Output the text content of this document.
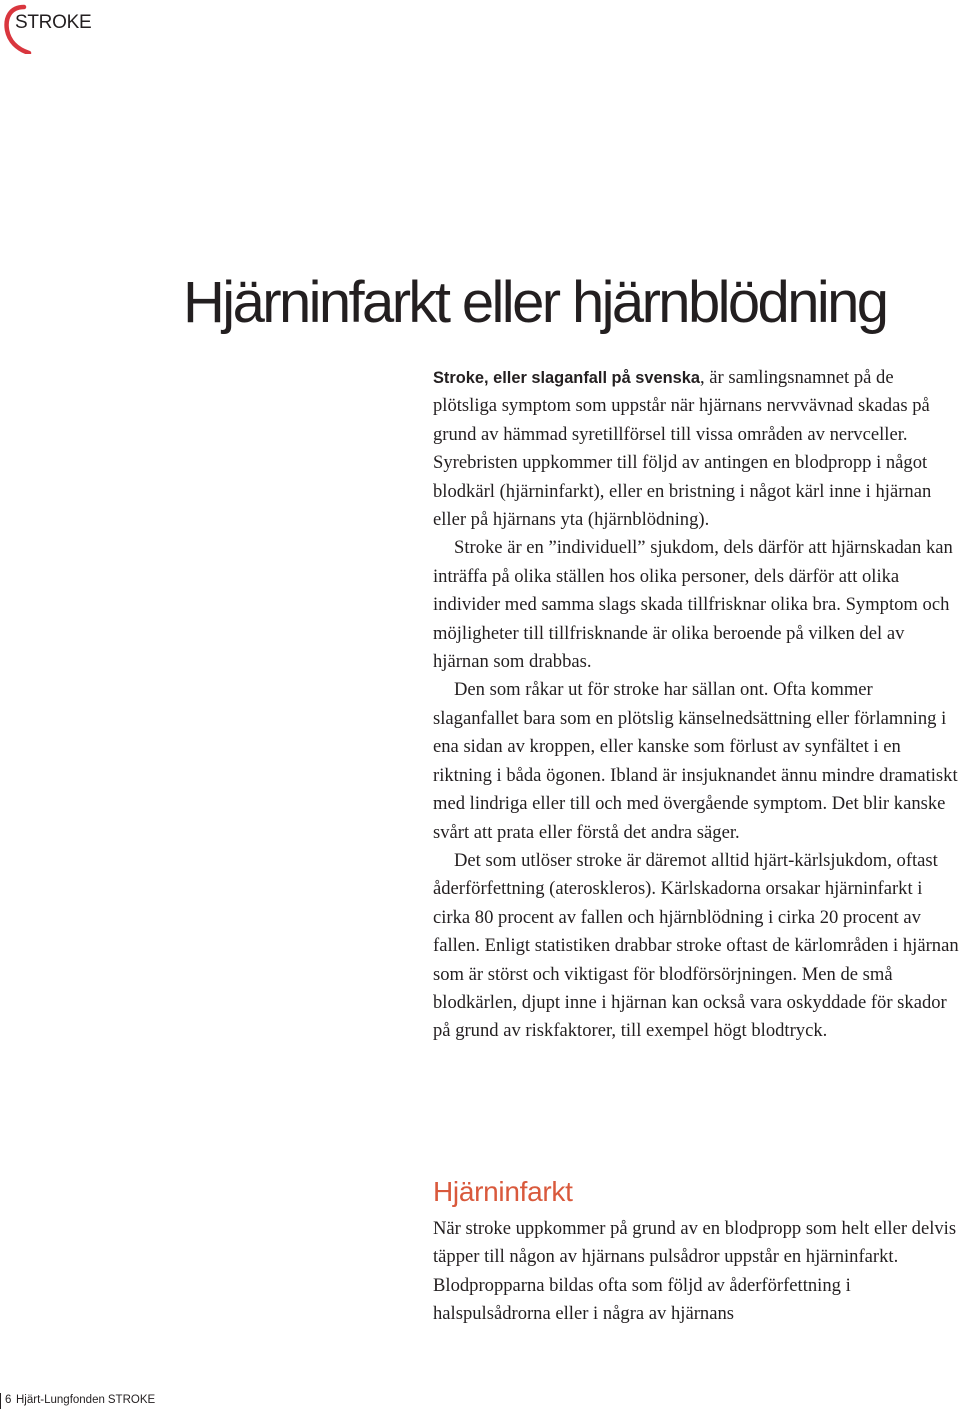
STROKE
Hjärninfarkt eller hjärnblödning

Stroke, eller slaganfall på svenska, är samlingsnamnet på de plötsliga symptom som uppstår när hjärnans nervvävnad skadas på grund av hämmad syretillförsel till vissa områden av nervceller. Syrebristen uppkommer till följd av antingen en blodpropp i något blodkärl (hjärninfarkt), eller en bristning i något kärl inne i hjärnan eller på hjärnans yta (hjärnblödning).

Stroke är en ”individuell” sjukdom, dels därför att hjärnskadan kan inträffa på olika ställen hos olika personer, dels därför att olika individer med samma slags skada tillfrisknar olika bra. Symptom och möjligheter till tillfrisknande är olika beroende på vilken del av hjärnan som drabbas.

Den som råkar ut för stroke har sällan ont. Ofta kommer slaganfallet bara som en plötslig känselnedsättning eller förlamning i ena sidan av kroppen, eller kanske som förlust av synfältet i en riktning i båda ögonen. Ibland är insjuknandet ännu mindre dramatiskt med lindriga eller till och med övergående symptom. Det blir kanske svårt att prata eller förstå det andra säger.

Det som utlöser stroke är däremot alltid hjärt-kärlsjukdom, oftast åderförfettning (ateroskleros). Kärlskadorna orsakar hjärninfarkt i cirka 80 procent av fallen och hjärnblödning i cirka 20 procent av fallen. Enligt statistiken drabbar stroke oftast de kärlområden i hjärnan som är störst och viktigast för blodförsörjningen. Men de små blodkärlen, djupt inne i hjärnan kan också vara oskyddade för skador på grund av riskfaktorer, till exempel högt blodtryck.

Hjärninfarkt

När stroke uppkommer på grund av en blodpropp som helt eller delvis täpper till någon av hjärnans pulsådror uppstår en hjärninfarkt. Blodpropparna bildas ofta som följd av åderförfettning i halspulsådrorna eller i några av hjärnans

6 Hjärt-Lungfonden STROKE
